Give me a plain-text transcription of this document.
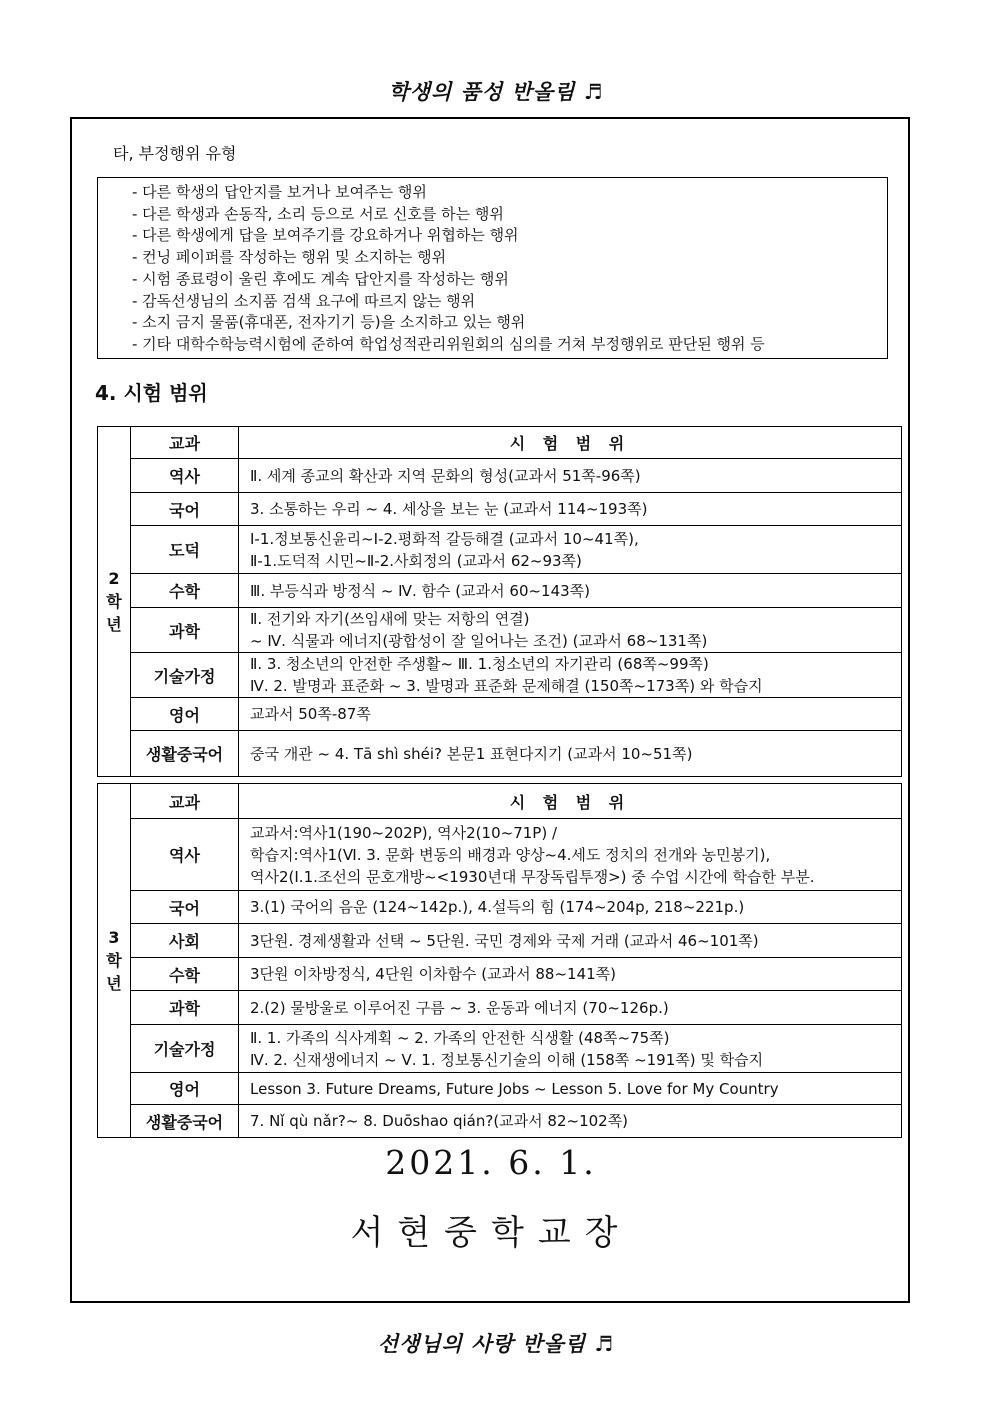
학생의 품성 반올림 ♬
타, 부정행위 유형
- 다른 학생의 답안지를 보거나 보여주는 행위
- 다른 학생과 손동작, 소리 등으로 서로 신호를 하는 행위
- 다른 학생에게 답을 보여주기를 강요하거나 위협하는 행위
- 컨닝 페이퍼를 작성하는 행위 및 소지하는 행위
- 시험 종료령이 울린 후에도 계속 답안지를 작성하는 행위
- 감독선생님의 소지품 검색 요구에 따르지 않는 행위
- 소지 금지 물품(휴대폰, 전자기기 등)을 소지하고 있는 행위
- 기타 대학수학능력시험에 준하여 학업성적관리위원회의 심의를 거쳐 부정행위로 판단된 행위 등
4. 시험 범위
2
학
년	교과	시 험 범 위
	역사	Ⅱ. 세계 종교의 확산과 지역 문화의 형성(교과서 51쪽-96쪽)

	국어	3. 소통하는 우리 ~ 4. 세상을 보는 눈 (교과서 114~193쪽)

	도덕	Ⅰ-1.정보통신윤리~Ⅰ-2.평화적 갈등해결 (교과서 10~41쪽),
Ⅱ-1.도덕적 시민~Ⅱ-2.사회정의 (교과서 62~93쪽)

	수학	Ⅲ. 부등식과 방정식 ~ Ⅳ. 함수 (교과서 60~143쪽)

	과학	Ⅱ. 전기와 자기(쓰임새에 맞는 저항의 연결)
~ Ⅳ. 식물과 에너지(광합성이 잘 일어나는 조건) (교과서 68~131쪽)

	기술가정	Ⅱ. 3. 청소년의 안전한 주생활~ Ⅲ. 1.청소년의 자기관리 (68쪽~99쪽)
Ⅳ. 2. 발명과 표준화 ~ 3. 발명과 표준화 문제해결 (150쪽~173쪽) 와 학습지

	영어	교과서 50쪽-87쪽

	생활중국어	중국 개관 ~ 4. Tā shì shéi? 본문1 표현다지기 (교과서 10~51쪽)
3
학
년	교과	시 험 범 위
	역사	교과서:역사1(190~202P), 역사2(10~71P) /
학습지:역사1(Ⅵ. 3. 문화 변동의 배경과 양상~4.세도 정치의 전개와 농민봉기),
역사2(Ⅰ.1.조선의 문호개방~<1930년대 무장독립투쟁>) 중 수업 시간에 학습한 부분.

	국어	3.(1) 국어의 음운 (124~142p.), 4.설득의 힘 (174~204p, 218~221p.)

	사회	3단원. 경제생활과 선택 ~ 5단원. 국민 경제와 국제 거래 (교과서 46~101쪽)

	수학	3단원 이차방정식, 4단원 이차함수 (교과서 88~141쪽)

	과학	2.(2) 물방울로 이루어진 구름 ~ 3. 운동과 에너지 (70~126p.)

	기술가정	Ⅱ. 1. 가족의 식사계획 ~ 2. 가족의 안전한 식생활 (48쪽~75쪽)
Ⅳ. 2. 신재생에너지 ~ Ⅴ. 1. 정보통신기술의 이해 (158쪽 ~191쪽) 및 학습지

	영어	Lesson 3. Future Dreams, Future Jobs ~ Lesson 5. Love for My Country

	생활중국어	7. Nǐ qù nǎr?~ 8. Duōshao qián?(교과서 82~102쪽)
2021. 6. 1.
서현중학교장
선생님의 사랑 반올림 ♬
